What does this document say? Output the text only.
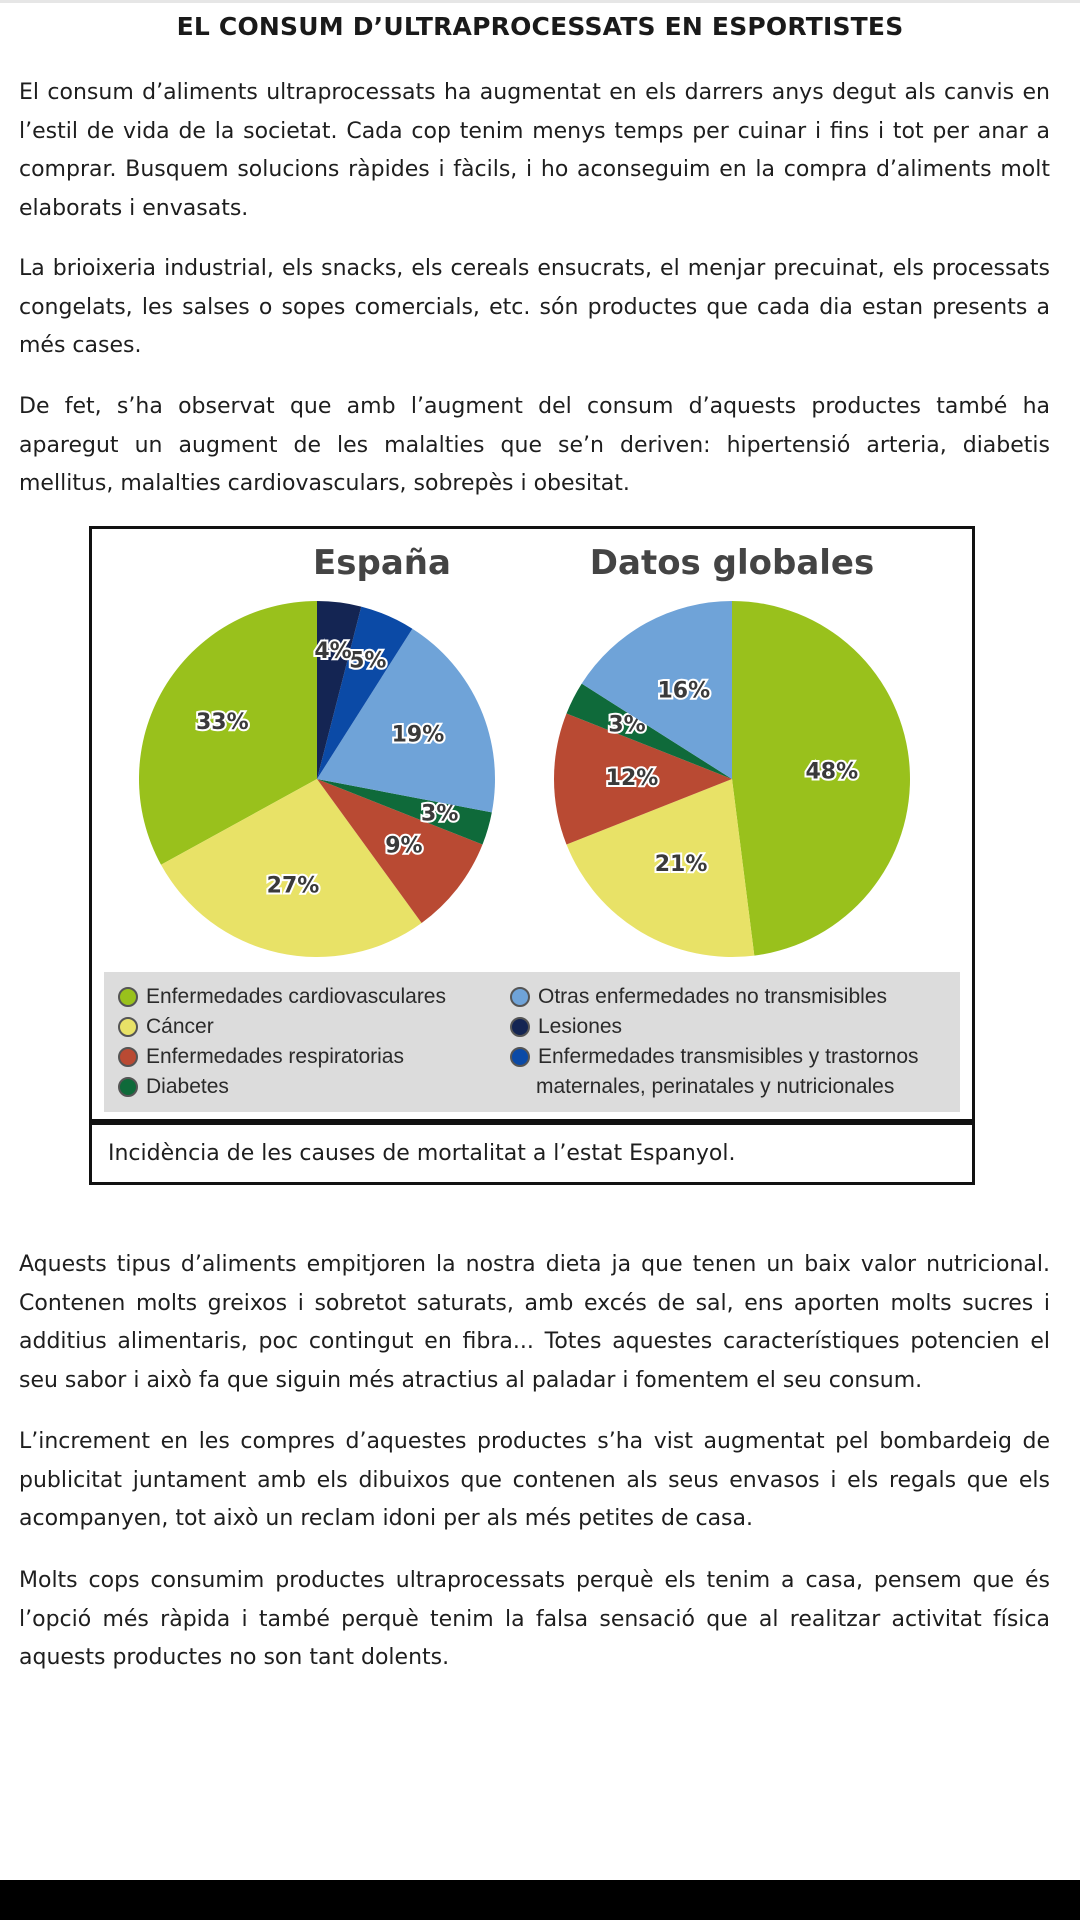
EL CONSUM D’ULTRAPROCESSATS EN ESPORTISTES

El consum d’aliments ultraprocessats ha augmentat en els darrers anys degut als canvis en l’estil de vida de la societat. Cada cop tenim menys temps per cuinar i fins i tot per anar a comprar. Busquem solucions ràpides i fàcils, i ho aconseguim en la compra d’aliments molt elaborats i envasats.

La brioixeria industrial, els snacks, els cereals ensucrats, el menjar precuinat, els processats congelats, les salses o sopes comercials, etc. són productes que cada dia estan presents a més cases.

De fet, s’ha observat que amb l’augment del consum d’aquests productes també ha aparegut un augment de les malalties que se’n deriven: hipertensió arteria, diabetis mellitus, malalties cardiovasculars, sobrepès i obesitat.

España	Datos globales
33%
27%
9%
3%
19%
5%
4%
48%
21%
12%
3%
16%
Enfermedades cardiovasculares
Cáncer
Enfermedades respiratorias
Diabetes
Otras enfermedades no transmisibles
Lesiones
Enfermedades transmisibles y trastornos
maternales, perinatales y nutricionales
Incidència de les causes de mortalitat a l’estat Espanyol.

Aquests tipus d’aliments empitjoren la nostra dieta ja que tenen un baix valor nutricional. Contenen molts greixos i sobretot saturats, amb excés de sal, ens aporten molts sucres i additius alimentaris, poc contingut en fibra... Totes aquestes característiques potencien el seu sabor i això fa que siguin més atractius al paladar i fomentem el seu consum.

L’increment en les compres d’aquestes productes s’ha vist augmentat pel bombardeig de publicitat juntament amb els dibuixos que contenen als seus envasos i els regals que els acompanyen, tot això un reclam idoni per als més petites de casa.

Molts cops consumim productes ultraprocessats perquè els tenim a casa, pensem que és l’opció més ràpida i també perquè tenim la falsa sensació que al realitzar activitat física aquests productes no son tant dolents.
